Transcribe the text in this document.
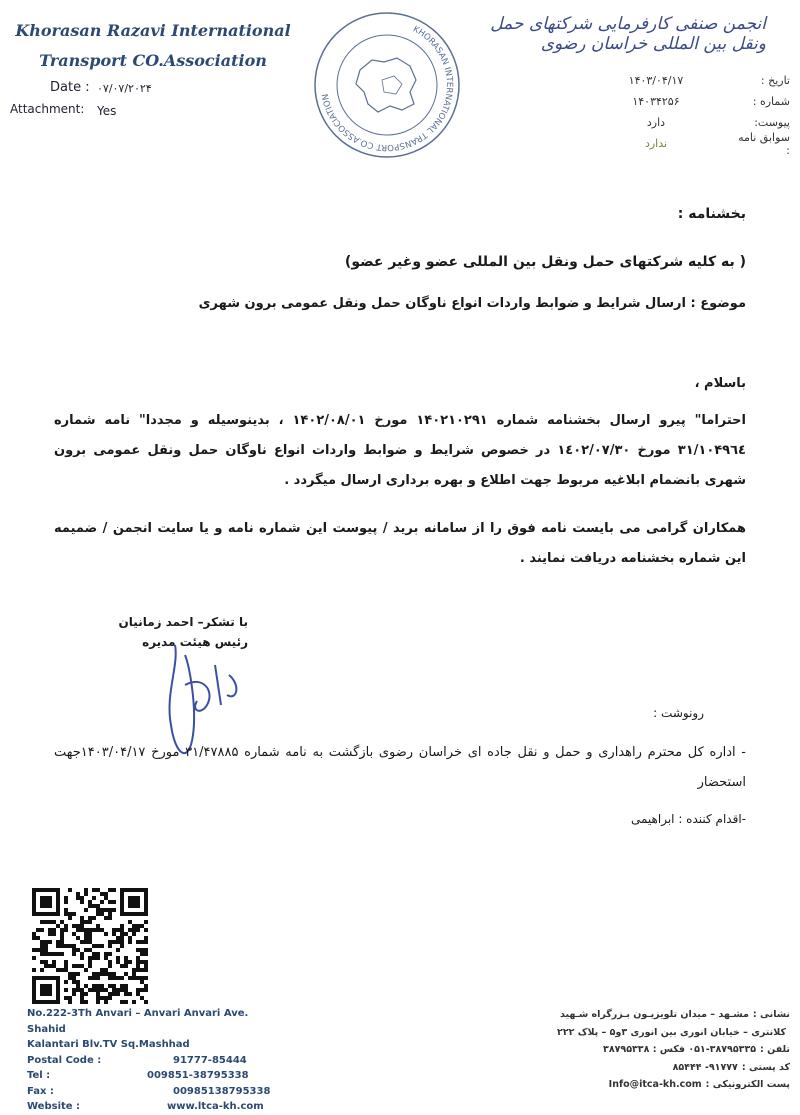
Khorasan Razavi International
Transport CO.Association
Date : ۰۷/۰۷/۲۰۲۴
Attachment: Yes
KHORASAN INTERNATIONAL TRANSPORT CO.ASSOCIATION
انجمن صنفی کارفرمایی شرکتهای حمل ونقل بین المللی خراسان رضوی
تاریخ :
۱۴۰۳/۰۴/۱۷
شماره :
۱۴۰۳۴۲۵۶
پیوست:
دارد
سوابق نامه :
ندارد
بخشنامه :
( به کلیه شرکتهای حمل ونقل بین المللی عضو وغیر عضو)
موضوع : ارسال شرایط و ضوابط واردات انواع ناوگان حمل ونقل عمومی برون شهری
باسلام ،
احتراما" پیرو ارسال بخشنامه شماره ۱۴۰۲۱۰۲۹۱ مورخ ۱۴۰۲/۰۸/۰۱ ، بدینوسیله و مجددا" نامه شماره ۳۱/۱۰۴۹٦٤ مورخ ۱٤۰۲/۰۷/۳۰ در خصوص شرایط و ضوابط واردات انواع ناوگان حمل ونقل عمومی برون شهری بانضمام ابلاغیه مربوط جهت اطلاع و بهره برداری ارسال میگردد .
همکاران گرامی می بایست نامه فوق را از سامانه برید / پیوست این شماره نامه و یا سایت انجمن / ضمیمه این شماره بخشنامه دریافت نمایند .
با تشکر– احمد زمانیان
رئیس هیئت مدیره
رونوشت :
- اداره کل محترم راهداری و حمل و نقل جاده ای خراسان رضوی بازگشت به نامه شماره ۳۱/۴۷۸۸۵ مورخ ۱۴۰۳/۰۴/۱۷جهت استحضار
-اقدام کننده : ابراهیمی
No.222-3Th Anvari – Anvari Anvari Ave. Shahid
Kalantari Blv.TV Sq.Mashhad
Postal Code :	91777-85444
Tel :	009851-38795338
Fax :	00985138795338
Website :	www.ltca-kh.com
نشانی :
مشـهد – میدان تلویزیـون بـزرگراه شـهید
کلانتری – خیابان انوری بین انوری ۳و۵ – پلاک ۲۲۲
تلفن :
۰۵۱-۳۸۷۹۵۳۳۵ فکس : ۳۸۷۹۵۳۳۸
کد پستی :
۹۱۷۷۷- ۸۵۴۴۴
پست الکترونیکی :
Info@itca-kh.com
